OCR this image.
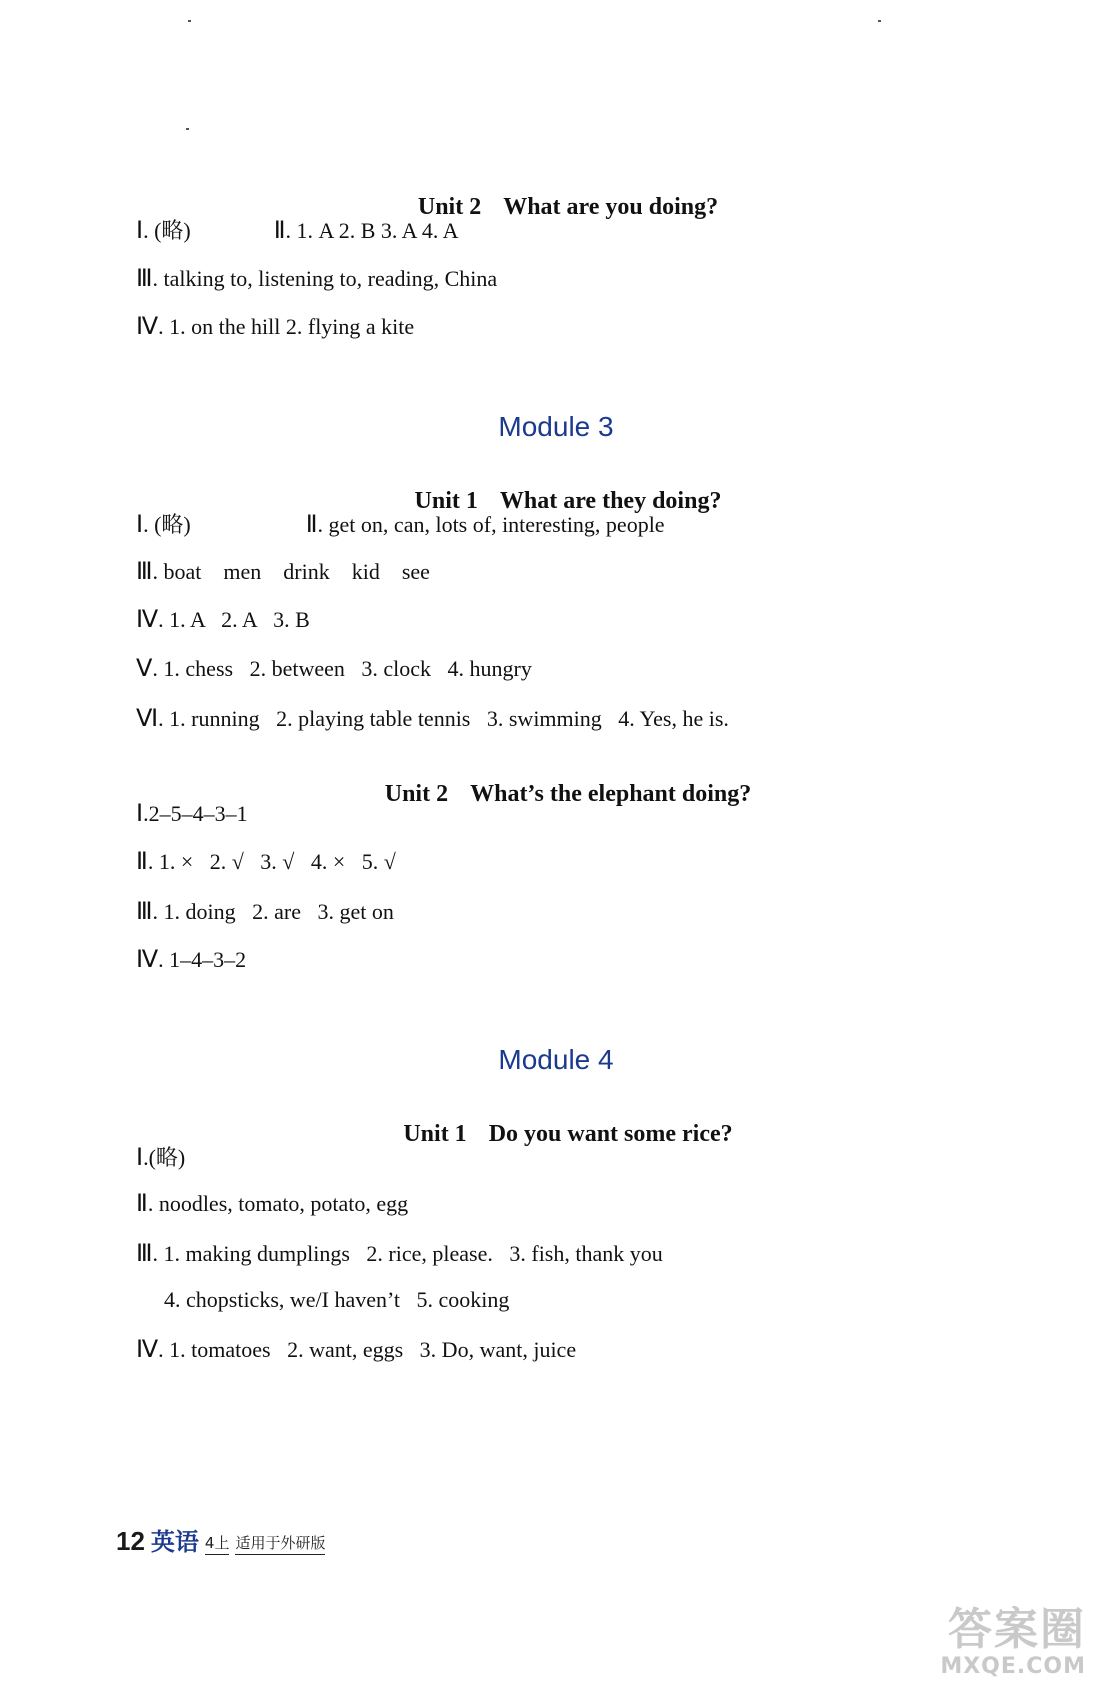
Unit 2 What are you doing?

Ⅰ. (略)	Ⅱ. 1. A 2. B 3. A 4. A
Ⅲ. talking to, listening to, reading, China
Ⅳ. 1. on the hill 2. flying a kite
Module 3

Unit 1 What are they doing?

Ⅰ. (略)	Ⅱ. get on, can, lots of, interesting, people
Ⅲ. boat    men    drink    kid    see
Ⅳ. 1. A   2. A   3. B
Ⅴ. 1. chess   2. between   3. clock   4. hungry
Ⅵ. 1. running   2. playing table tennis   3. swimming   4. Yes, he is.

Unit 2 What’s the elephant doing?

Ⅰ.2–5–4–3–1
Ⅱ. 1. ×   2. √   3. √   4. ×   5. √
Ⅲ. 1. doing   2. are   3. get on
Ⅳ. 1–4–3–2
Module 4

Unit 1 Do you want some rice?

Ⅰ.(略)
Ⅱ. noodles, tomato, potato, egg
Ⅲ. 1. making dumplings   2. rice, please.   3. fish, thank you
4. chopsticks, we/I haven’t   5. cooking
Ⅳ. 1. tomatoes   2. want, eggs   3. Do, want, juice
12 英语 4上 适用于外研版
答案圈
MXQE.COM
